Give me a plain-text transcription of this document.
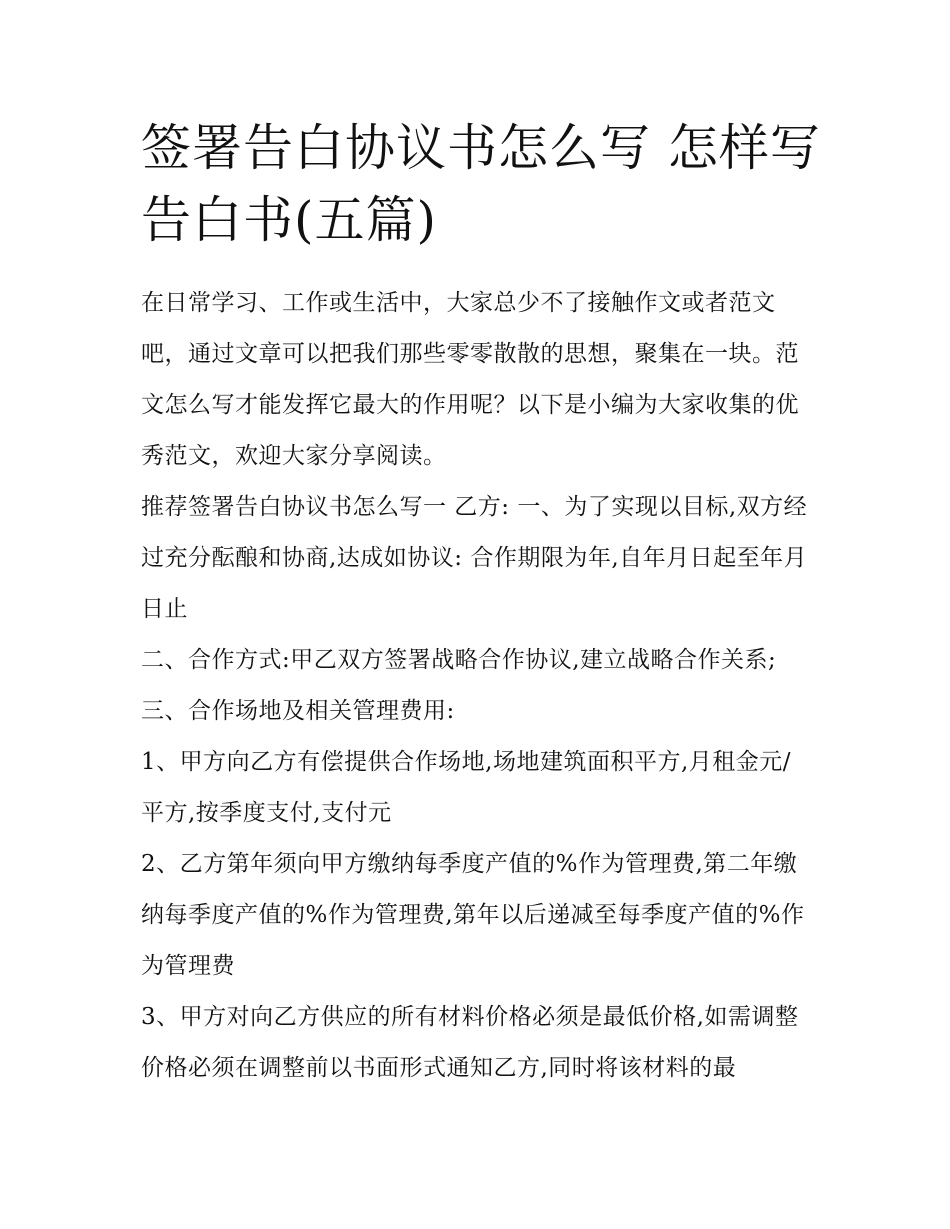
签署告白协议书怎么写 怎样写告白书(五篇)

在日常学习、工作或生活中，大家总少不了接触作文或者范文吧，通过文章可以把我们那些零零散散的思想，聚集在一块。范文怎么写才能发挥它最大的作用呢？以下是小编为大家收集的优秀范文，欢迎大家分享阅读。

推荐签署告白协议书怎么写一 乙方: 一、为了实现以目标,双方经过充分酝酿和协商,达成如协议: 合作期限为年,自年月日起至年月日止

二、合作方式:甲乙双方签署战略合作协议,建立战略合作关系;

三、合作场地及相关管理费用:

1、甲方向乙方有偿提供合作场地,场地建筑面积平方,月租金元/平方,按季度支付,支付元

2、乙方第年须向甲方缴纳每季度产值的%作为管理费,第二年缴纳每季度产值的%作为管理费,第年以后递减至每季度产值的%作为管理费

3、甲方对向乙方供应的所有材料价格必须是最低价格,如需调整价格必须在调整前以书面形式通知乙方,同时将该材料的最
